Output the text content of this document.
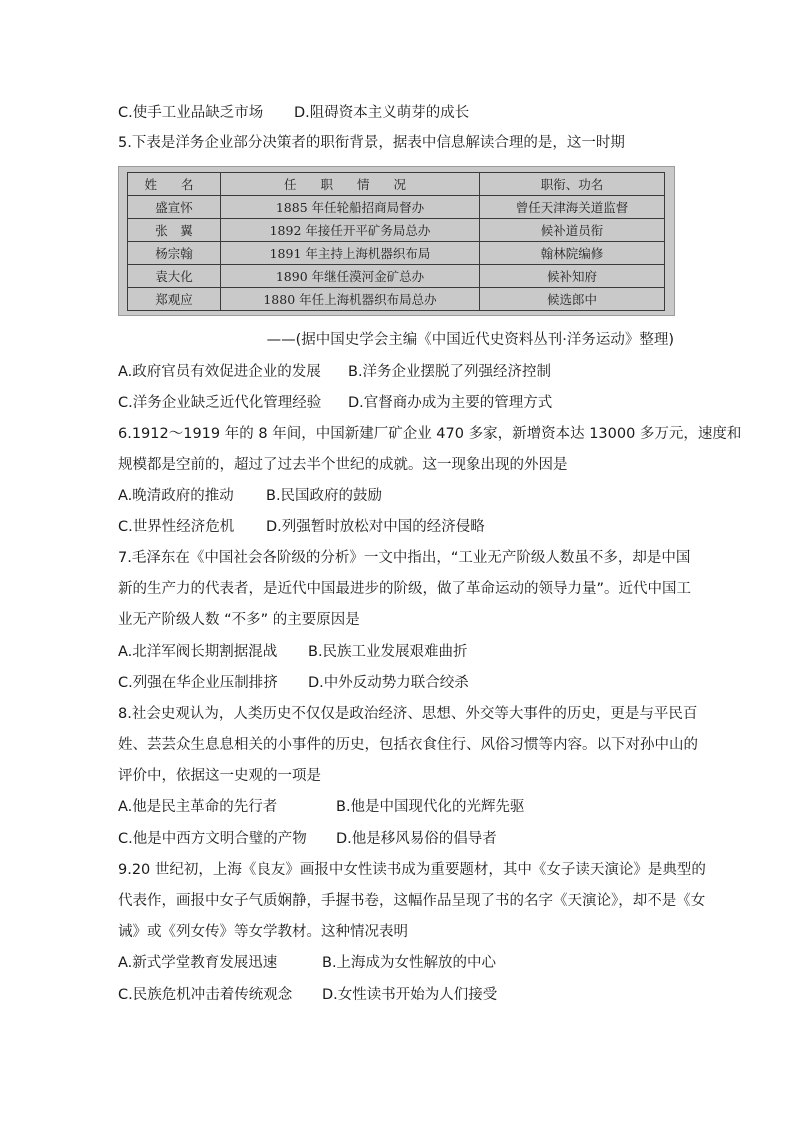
C.使手工业品缺乏市场 D.阻碍资本主义萌芽的成长
5.下表是洋务企业部分决策者的职衔背景，据表中信息解读合理的是，这一时期
姓 名	任 职 情 况	职衔、功名
盛宣怀	1885 年任轮船招商局督办	曾任天津海关道监督
张　翼	1892 年接任开平矿务局总办	候补道员衔
杨宗翰	1891 年主持上海机器织布局	翰林院编修
袁大化	1890 年继任漠河金矿总办	候补知府
郑观应	1880 年任上海机器织布局总办	候选郎中
——(据中国史学会主编《中国近代史资料丛刊·洋务运动》整理)
A.政府官员有效促进企业的发展 B.洋务企业摆脱了列强经济控制
C.洋务企业缺乏近代化管理经验 D.官督商办成为主要的管理方式
6.1912～1919 年的 8 年间，中国新建厂矿企业 470 多家，新增资本达 13000 多万元，速度和
规模都是空前的，超过了过去半个世纪的成就。这一现象出现的外因是
A.晚清政府的推动 B.民国政府的鼓励
C.世界性经济危机 D.列强暂时放松对中国的经济侵略
7.毛泽东在《中国社会各阶级的分析》一文中指出，“工业无产阶级人数虽不多，却是中国
新的生产力的代表者，是近代中国最进步的阶级，做了革命运动的领导力量”。近代中国工
业无产阶级人数 “不多” 的主要原因是
A.北洋军阀长期割据混战 B.民族工业发展艰难曲折
C.列强在华企业压制排挤 D.中外反动势力联合绞杀
8.社会史观认为，人类历史不仅仅是政治经济、思想、外交等大事件的历史，更是与平民百
姓、芸芸众生息息相关的小事件的历史，包括衣食住行、风俗习惯等内容。以下对孙中山的
评价中，依据这一史观的一项是
A.他是民主革命的先行者	B.他是中国现代化的光辉先驱
C.他是中西方文明合璧的产物 D.他是移风易俗的倡导者
9.20 世纪初，上海《良友》画报中女性读书成为重要题材，其中《女子读天演论》是典型的
代表作，画报中女子气质娴静，手握书卷，这幅作品呈现了书的名字《天演论》，却不是《女
诫》或《列女传》等女学教材。这种情况表明
A.新式学堂教育发展迅速	B.上海成为女性解放的中心
C.民族危机冲击着传统观念 D.女性读书开始为人们接受
